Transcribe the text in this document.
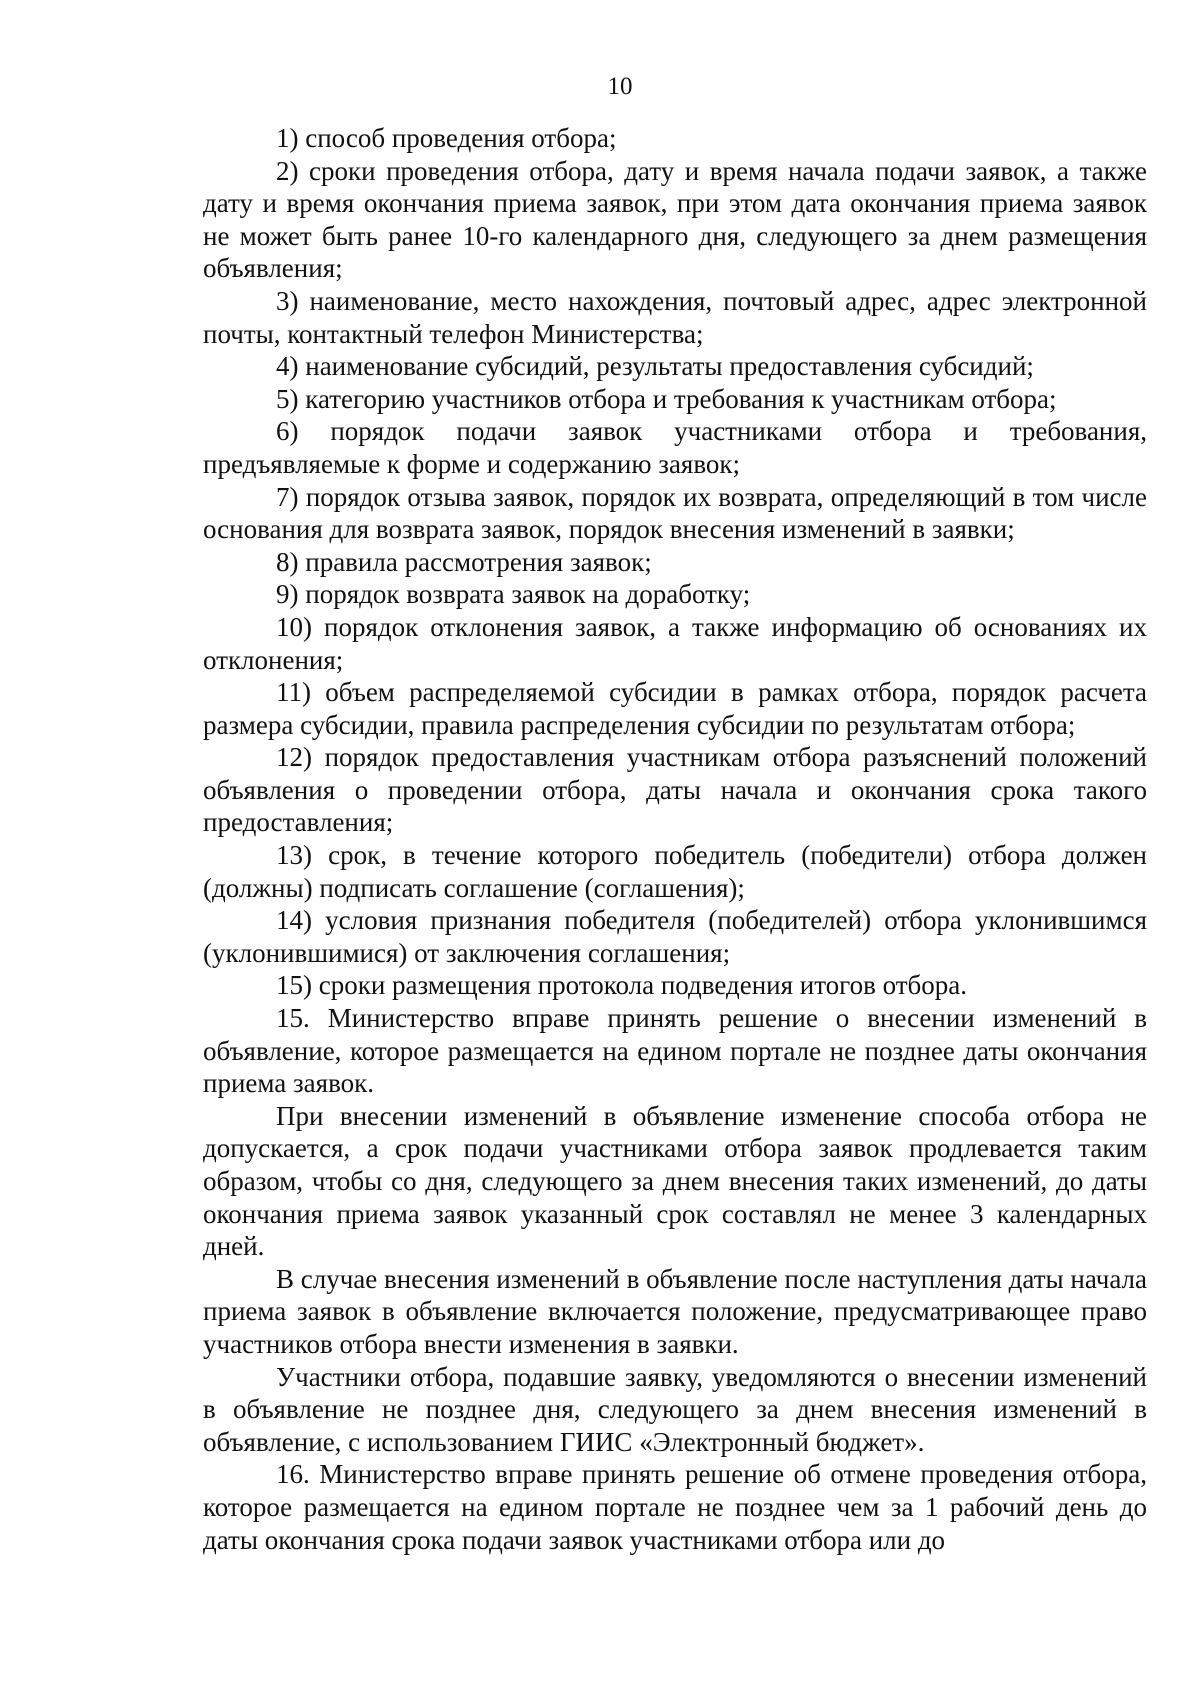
10

1) способ проведения отбора;

2) сроки проведения отбора, дату и время начала подачи заявок, а также дату и время окончания приема заявок, при этом дата окончания приема заявок не может быть ранее 10-го календарного дня, следующего за днем размещения объявления;

3) наименование, место нахождения, почтовый адрес, адрес электронной почты, контактный телефон Министерства;

4) наименование субсидий, результаты предоставления субсидий;

5) категорию участников отбора и требования к участникам отбора;

6) порядок подачи заявок участниками отбора и требования, предъявляемые к форме и содержанию заявок;

7) порядок отзыва заявок, порядок их возврата, определяющий в том числе основания для возврата заявок, порядок внесения изменений в заявки;

8) правила рассмотрения заявок;

9) порядок возврата заявок на доработку;

10) порядок отклонения заявок, а также информацию об основаниях их отклонения;

11) объем распределяемой субсидии в рамках отбора, порядок расчета размера субсидии, правила распределения субсидии по результатам отбора;

12) порядок предоставления участникам отбора разъяснений положений объявления о проведении отбора, даты начала и окончания срока такого предоставления;

13) срок, в течение которого победитель (победители) отбора должен (должны) подписать соглашение (соглашения);

14) условия признания победителя (победителей) отбора уклонившимся (уклонившимися) от заключения соглашения;

15) сроки размещения протокола подведения итогов отбора.

15. Министерство вправе принять решение о внесении изменений в объявление, которое размещается на едином портале не позднее даты окончания приема заявок.

При внесении изменений в объявление изменение способа отбора не допускается, а срок подачи участниками отбора заявок продлевается таким образом, чтобы со дня, следующего за днем внесения таких изменений, до даты окончания приема заявок указанный срок составлял не менее 3 календарных дней.

В случае внесения изменений в объявление после наступления даты начала приема заявок в объявление включается положение, предусматривающее право участников отбора внести изменения в заявки.

Участники отбора, подавшие заявку, уведомляются о внесении изменений в объявление не позднее дня, следующего за днем внесения изменений в объявление, с использованием ГИИС «Электронный бюджет».

16. Министерство вправе принять решение об отмене проведения отбора, которое размещается на едином портале не позднее чем за 1 рабочий день до даты окончания срока подачи заявок участниками отбора или до
